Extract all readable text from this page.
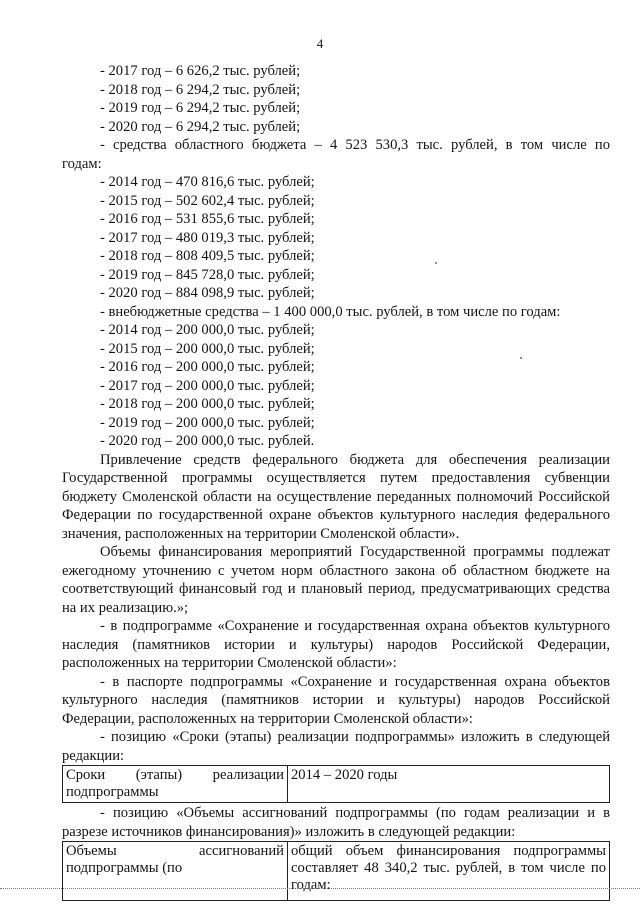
4
- 2017 год – 6 626,2 тыс. рублей;
- 2018 год – 6 294,2 тыс. рублей;
- 2019 год – 6 294,2 тыс. рублей;
- 2020 год – 6 294,2 тыс. рублей;
- средства областного бюджета – 4 523 530,3 тыс. рублей, в том числе по
годам:
- 2014 год – 470 816,6 тыс. рублей;
- 2015 год – 502 602,4 тыс. рублей;
- 2016 год – 531 855,6 тыс. рублей;
- 2017 год – 480 019,3 тыс. рублей;
- 2018 год – 808 409,5 тыс. рублей;
- 2019 год – 845 728,0 тыс. рублей;
- 2020 год – 884 098,9 тыс. рублей;
- внебюджетные средства – 1 400 000,0 тыс. рублей, в том числе по годам:
- 2014 год – 200 000,0 тыс. рублей;
- 2015 год – 200 000,0 тыс. рублей;
- 2016 год – 200 000,0 тыс. рублей;
- 2017 год – 200 000,0 тыс. рублей;
- 2018 год – 200 000,0 тыс. рублей;
- 2019 год – 200 000,0 тыс. рублей;
- 2020 год – 200 000,0 тыс. рублей.
Привлечение средств федерального бюджета для обеспечения реализации Государственной программы осуществляется путем предоставления субвенции бюджету Смоленской области на осуществление переданных полномочий Российской Федерации по государственной охране объектов культурного наследия федерального значения, расположенных на территории Смоленской области».
Объемы финансирования мероприятий Государственной программы подлежат ежегодному уточнению с учетом норм областного закона об областном бюджете на соответствующий финансовый год и плановый период, предусматривающих средства на их реализацию.»;
- в подпрограмме «Сохранение и государственная охрана объектов культурного наследия (памятников истории и культуры) народов Российской Федерации, расположенных на территории Смоленской области»:
- в паспорте подпрограммы «Сохранение и государственная охрана объектов культурного наследия (памятников истории и культуры) народов Российской Федерации, расположенных на территории Смоленской области»:
- позицию «Сроки (этапы) реализации подпрограммы» изложить в следующей редакции:
Сроки (этапы) реализации подпрограммы	2014 – 2020 годы
- позицию «Объемы ассигнований подпрограммы (по годам реализации и в разрезе источников финансирования)» изложить в следующей редакции:
Объемы ассигнований подпрограммы (по	общий объем финансирования подпрограммы составляет 48 340,2 тыс. рублей, в том числе по годам:
